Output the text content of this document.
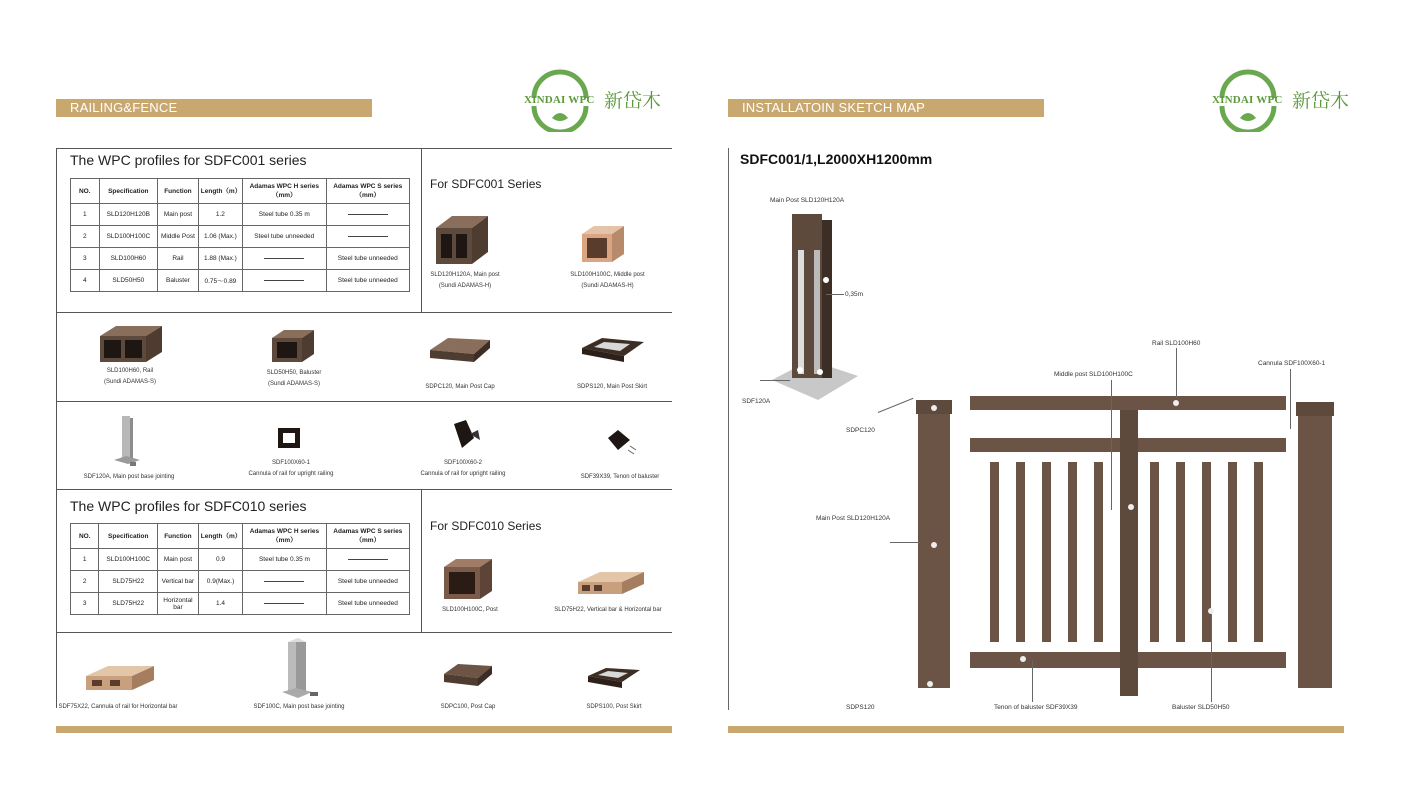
RAILING&FENCE	XINDAI WPC 新岱木
The WPC profiles for SDFC001 series
NO.	Specification	Function	Length（m）	Adamas WPC H series（mm）	Adamas WPC S series（mm）
1	SLD120H120B	Main post	1.2	Steel tube 0.35 m	
2	SLD100H100C	Middle Post	1.06 (Max.)	Steel tube unneeded	
3	SLD100H60	Rail	1.88 (Max.)		Steel tube unneeded
4	SLD50H50	Baluster	0.75～0.89		Steel tube unneeded
For SDFC001 Series
SLD120H120A, Main post
(Sundi ADAMAS-H)
SLD100H100C, Middle post
(Sundi ADAMAS-H)
SLD100H60, Rail
(Sundi ADAMAS-S)
SLD50H50, Baluster
(Sundi ADAMAS-S)	SDPC120, Main Post Cap	SDPS120, Main Post Skirt
SDF120A, Main post base jointing
SDF100X60-1
Cannula of rail for upright railing
SDF100X60-2
Cannula of rail for upright railing	SDF39X39, Tenon of baluster
The WPC profiles for SDFC010 series
NO.	Specification	Function	Length（m）	Adamas WPC H series（mm）	Adamas WPC S series（mm）
1	SLD100H100C	Main post	0.9	Steel tube 0.35 m	
2	SLD75H22	Vertical bar	0.9(Max.)		Steel tube unneeded
3	SLD75H22	Horizontal bar	1.4		Steel tube unneeded
For SDFC010 Series
SLD100H100C, Post	SLD75H22, Vertical bar & Horizontal bar
SDF75X22, Cannula of rail for Horizontal bar	SDF100C, Main post base jointing	SDPC100, Post Cap	SDPS100, Post Skirt
INSTALLATOIN SKETCH MAP	XINDAI WPC 新岱木
SDFC001/1,L2000XH1200mm
Main Post SLD120H120A
0,35m
SDF120A
Rail SLD100H60
Middle post SLD100H100C
Cannula SDF100X60-1
SDPC120
Main Post SLD120H120A
SDPS120	Tenon of baluster SDF39X39	Baluster SLD50H50
